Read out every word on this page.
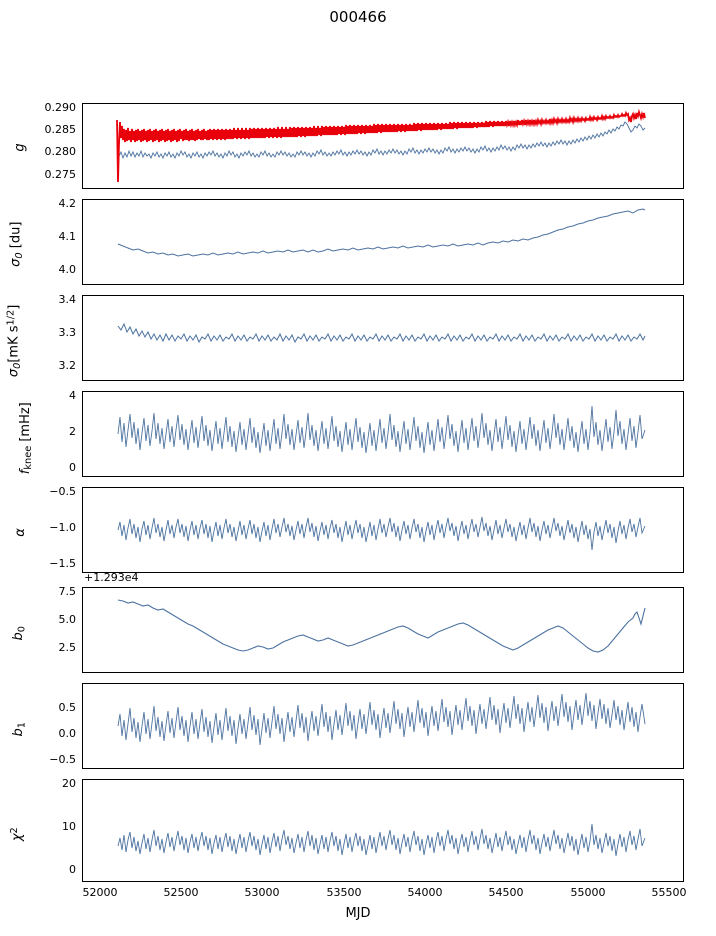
000466
g
0.290
0.285
0.280
0.275
$\sigma_0$ [du]
4.2
4.1
4.0
$\sigma_0[mK$ $s^{1/2}$]
3.4
3.3
3.2
$f_{knee}$ [mHz]
4
2
0
α
−0.5
−1.0
−1.5
+1.293e4
$b_0$
7.5
5.0
2.5
$b_1$
0.5
0.0
−0.5
$\chi^2$
20
10
0
52000	52500	53000	53500	54000	54500	55000	55500
MJD
